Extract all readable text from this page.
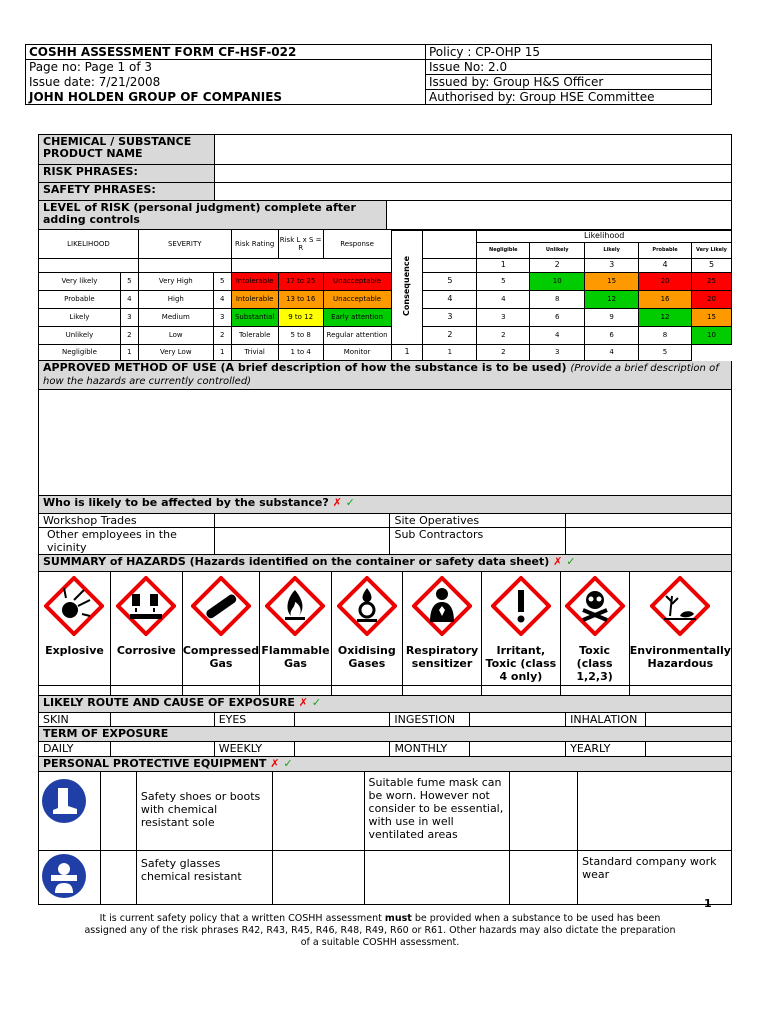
COSHH ASSESSMENT FORM CF-HSF-022	Policy : CP-OHP 15
Page no: Page 1 of 3	Issue No: 2.0
Issue date: 7/21/2008	Issued by: Group H&S Officer
JOHN HOLDEN GROUP OF COMPANIES	Authorised by: Group HSE Committee
CHEMICAL / SUBSTANCE PRODUCT NAME	
RISK PHRASES:	
SAFETY PHRASES:	
LEVEL of RISK (personal judgment) complete after adding controls	
LIKELIHOOD		SEVERITY		Risk Rating	Risk L x S = R	Response	Consequence		Likelihood				
									Negligible	Unlikely	Likely	Probable	Very Likely
									1	2	3	4	5
Very likely	5	Very High	5	Intolerable	17 to 25	Unacceptable		5	5	10	15	20	25
Probable	4	High	4	Intolerable	13 to 16	Unacceptable		4	4	8	12	16	20
Likely	3	Medium	3	Substantial	9 to 12	Early attention		3	3	6	9	12	15
Unlikely	2	Low	2	Tolerable	5 to 8	Regular attention		2	2	4	6	8	10
Negligible	1	Very Low	1	Trivial	1 to 4	Monitor	1	1	2	3	4	5	
APPROVED METHOD OF USE (A brief description of how the substance is to be used) (Provide a brief description of how the hazards are currently controlled)

Who is likely to be affected by the substance? ✗ ✓
Workshop Trades		Site Operatives	
Other employees in the vicinity		Sub Contractors	
SUMMARY of HAZARDS (Hazards identified on the container or safety data sheet) ✗ ✓
Explosive	Corrosive	Compressed Gas	Flammable Gas	Oxidising Gases	Respiratory sensitizer	Irritant, Toxic (class 4 only)	Toxic (class 1,2,3)	Environmentally Hazardous

LIKELY ROUTE AND CAUSE OF EXPOSURE ✗ ✓
SKIN		EYES		INGESTION		INHALATION	
TERM OF EXPOSURE
DAILY		WEEKLY		MONTHLY		YEARLY	
PERSONAL PROTECTIVE EQUIPMENT ✗ ✓
		Safety shoes or boots with chemical resistant sole		Suitable fume mask can be worn. However not consider to be essential, with use in well ventilated areas		
		Safety glasses chemical resistant				Standard company work wear
1
It is current safety policy that a written COSHH assessment must be provided when a substance to be used has been assigned any of the risk phrases R42, R43, R45, R46, R48, R49, R60 or R61. Other hazards may also dictate the preparation of a suitable COSHH assessment.
